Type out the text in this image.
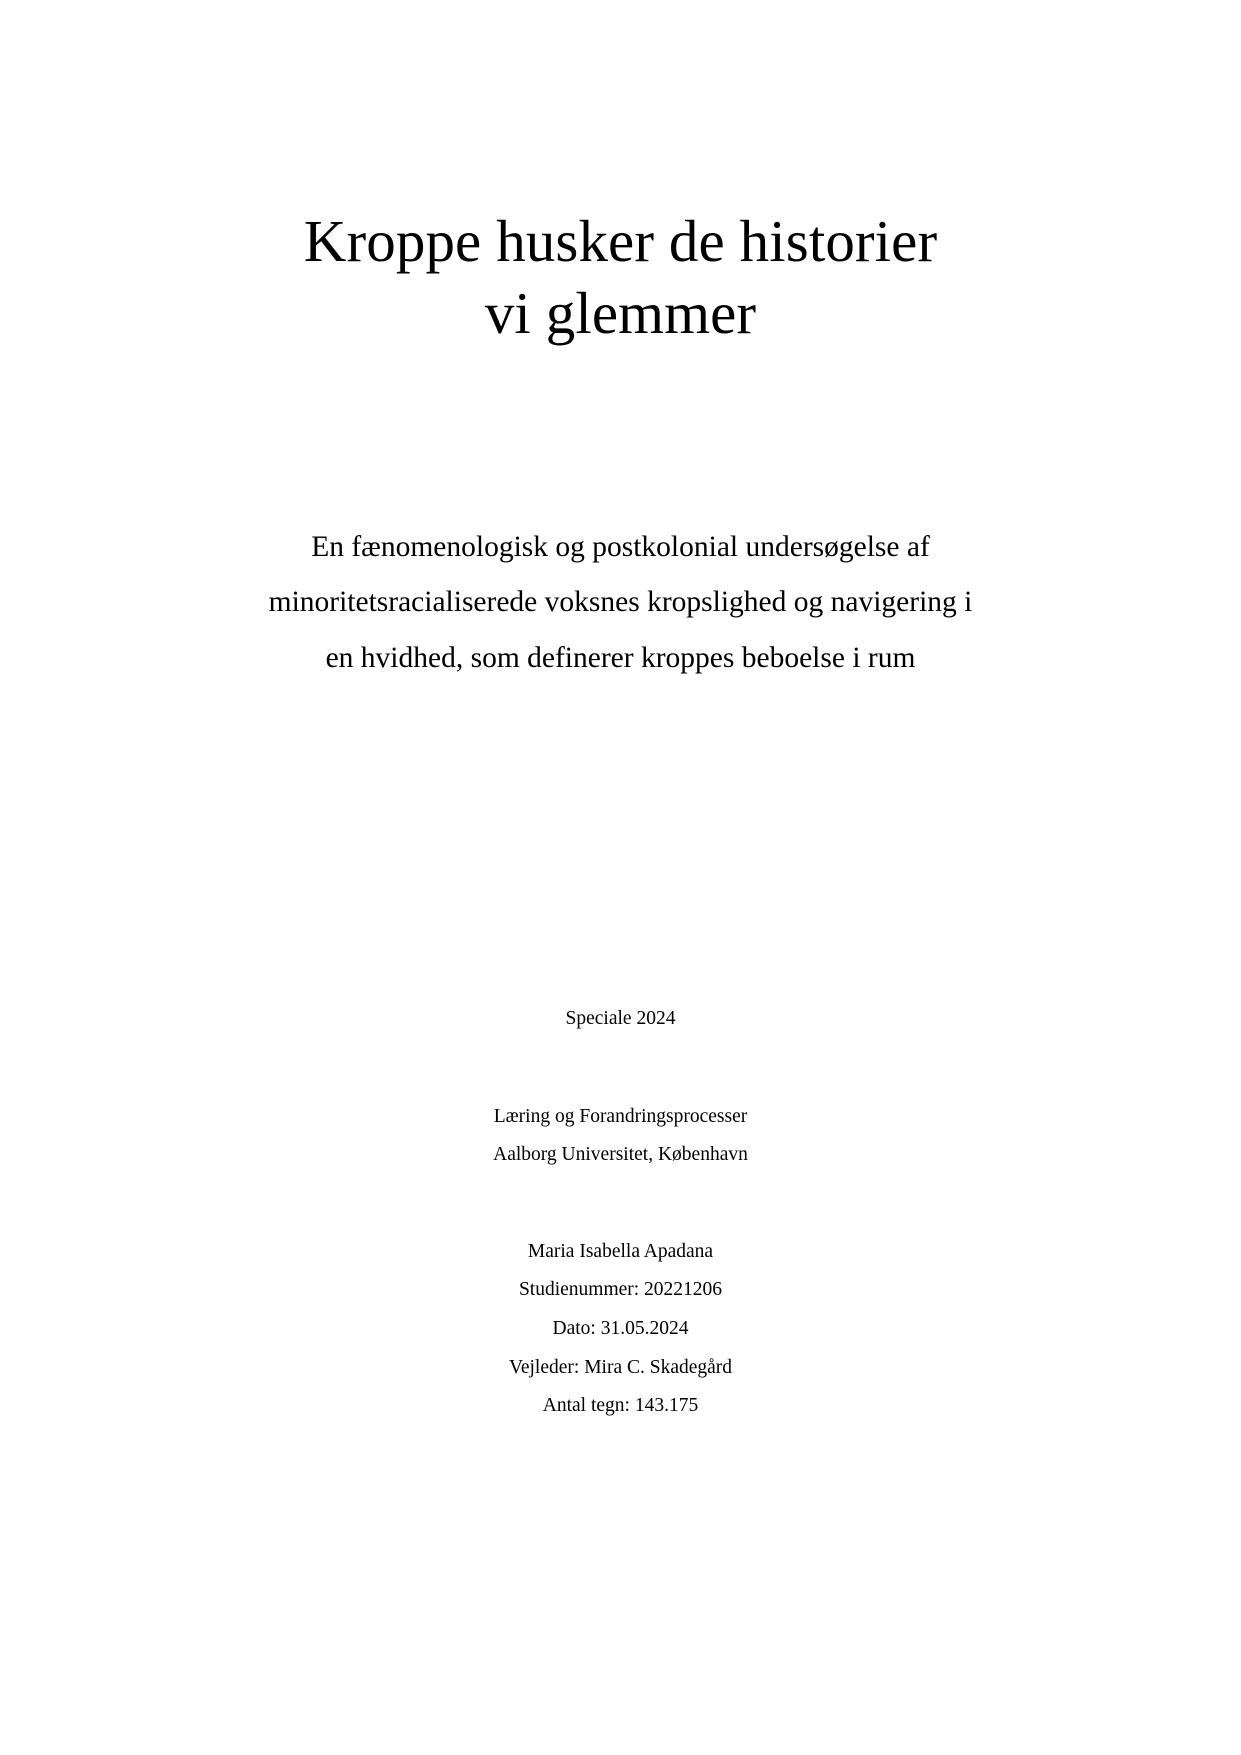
Kroppe husker de historier
vi glemmer
En fænomenologisk og postkolonial undersøgelse af
minoritetsracialiserede voksnes kropslighed og navigering i
en hvidhed, som definerer kroppes beboelse i rum
Speciale 2024
Læring og Forandringsprocesser
Aalborg Universitet, København
Maria Isabella Apadana
Studienummer: 20221206
Dato: 31.05.2024
Vejleder: Mira C. Skadegård
Antal tegn: 143.175
